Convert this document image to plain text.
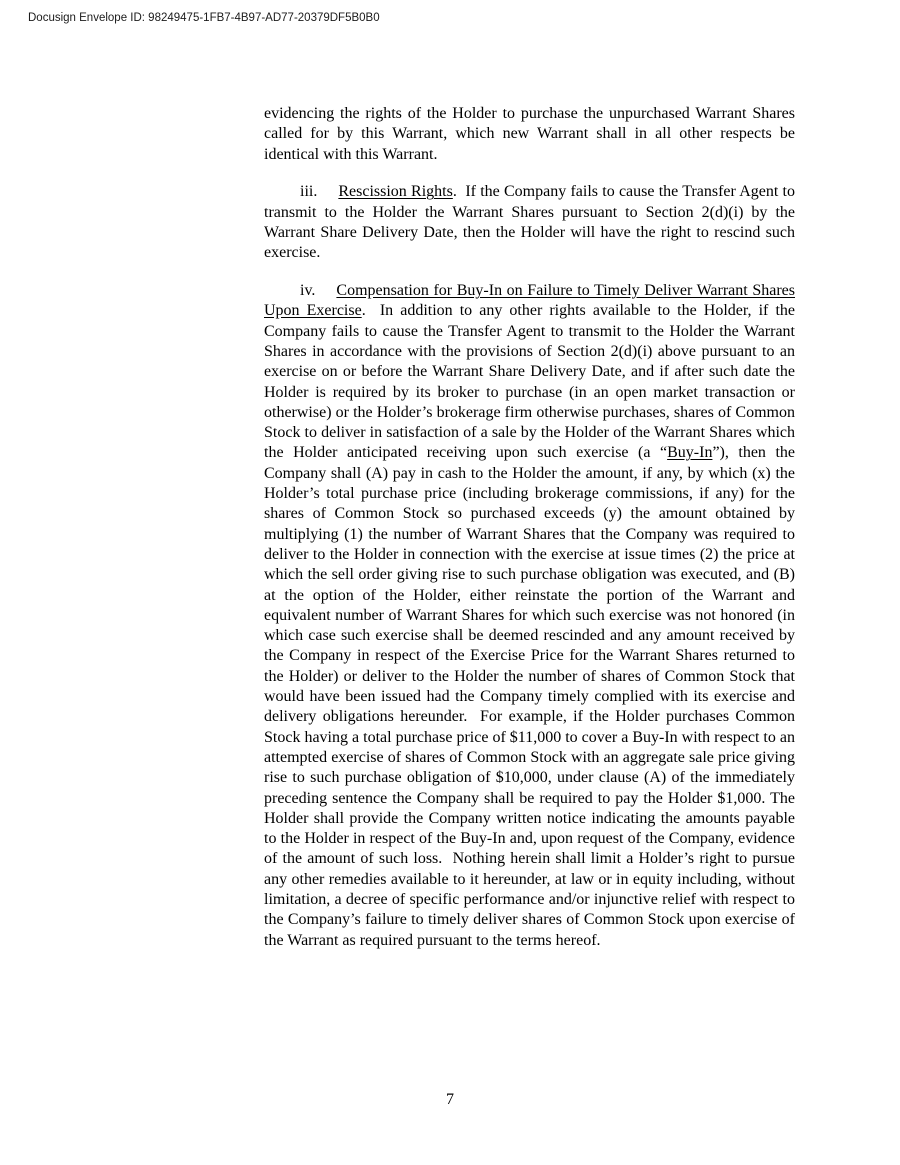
Docusign Envelope ID: 98249475-1FB7-4B97-AD77-20379DF5B0B0

evidencing the rights of the Holder to purchase the unpurchased Warrant Shares called for by this Warrant, which new Warrant shall in all other respects be identical with this Warrant.

iii. Rescission Rights.  If the Company fails to cause the Transfer Agent to transmit to the Holder the Warrant Shares pursuant to Section 2(d)(i) by the Warrant Share Delivery Date, then the Holder will have the right to rescind such exercise.

iv. Compensation for Buy-In on Failure to Timely Deliver Warrant Shares Upon Exercise.  In addition to any other rights available to the Holder, if the Company fails to cause the Transfer Agent to transmit to the Holder the Warrant Shares in accordance with the provisions of Section 2(d)(i) above pursuant to an exercise on or before the Warrant Share Delivery Date, and if after such date the Holder is required by its broker to purchase (in an open market transaction or otherwise) or the Holder’s brokerage firm otherwise purchases, shares of Common Stock to deliver in satisfaction of a sale by the Holder of the Warrant Shares which the Holder anticipated receiving upon such exercise (a “Buy-In”), then the Company shall (A) pay in cash to the Holder the amount, if any, by which (x) the Holder’s total purchase price (including brokerage commissions, if any) for the shares of Common Stock so purchased exceeds (y) the amount obtained by multiplying (1) the number of Warrant Shares that the Company was required to deliver to the Holder in connection with the exercise at issue times (2) the price at which the sell order giving rise to such purchase obligation was executed, and (B) at the option of the Holder, either reinstate the portion of the Warrant and equivalent number of Warrant Shares for which such exercise was not honored (in which case such exercise shall be deemed rescinded and any amount received by the Company in respect of the Exercise Price for the Warrant Shares returned to the Holder) or deliver to the Holder the number of shares of Common Stock that would have been issued had the Company timely complied with its exercise and delivery obligations hereunder.  For example, if the Holder purchases Common Stock having a total purchase price of $11,000 to cover a Buy-In with respect to an attempted exercise of shares of Common Stock with an aggregate sale price giving rise to such purchase obligation of $10,000, under clause (A) of the immediately preceding sentence the Company shall be required to pay the Holder $1,000. The Holder shall provide the Company written notice indicating the amounts payable to the Holder in respect of the Buy-In and, upon request of the Company, evidence of the amount of such loss.  Nothing herein shall limit a Holder’s right to pursue any other remedies available to it hereunder, at law or in equity including, without limitation, a decree of specific performance and/or injunctive relief with respect to the Company’s failure to timely deliver shares of Common Stock upon exercise of the Warrant as required pursuant to the terms hereof.

7
